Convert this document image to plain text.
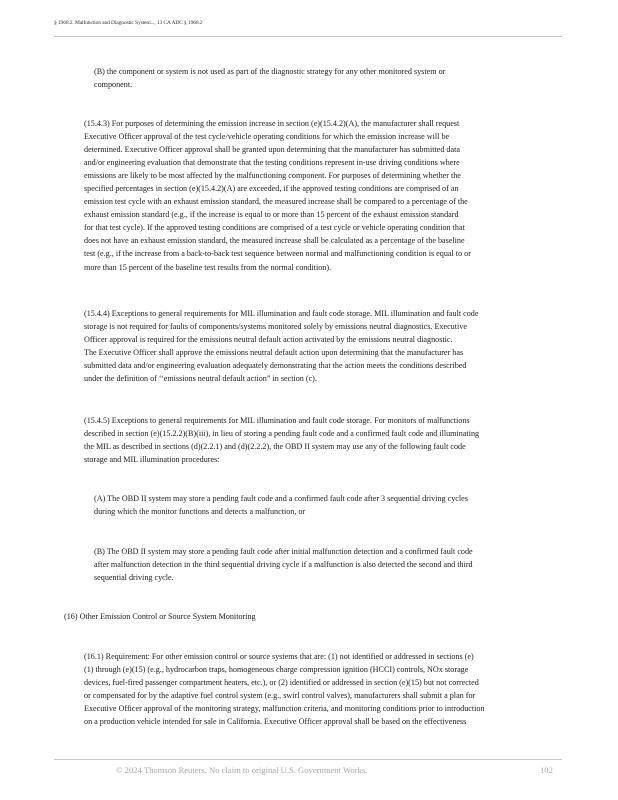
§ 1968.2. Malfunction and Diagnostic System..., 13 CA ADC § 1968.2

(B) the component or system is not used as part of the diagnostic strategy for any other monitored system or
component.

(15.4.3) For purposes of determining the emission increase in section (e)(15.4.2)(A), the manufacturer shall request
Executive Officer approval of the test cycle/vehicle operating conditions for which the emission increase will be
determined. Executive Officer approval shall be granted upon determining that the manufacturer has submitted data
and/or engineering evaluation that demonstrate that the testing conditions represent in-use driving conditions where
emissions are likely to be most affected by the malfunctioning component. For purposes of determining whether the
specified percentages in section (e)(15.4.2)(A) are exceeded, if the approved testing conditions are comprised of an
emission test cycle with an exhaust emission standard, the measured increase shall be compared to a percentage of the
exhaust emission standard (e.g., if the increase is equal to or more than 15 percent of the exhaust emission standard
for that test cycle). If the approved testing conditions are comprised of a test cycle or vehicle operating condition that
does not have an exhaust emission standard, the measured increase shall be calculated as a percentage of the baseline
test (e.g., if the increase from a back-to-back test sequence between normal and malfunctioning condition is equal to or
more than 15 percent of the baseline test results from the normal condition).

(15.4.4) Exceptions to general requirements for MIL illumination and fault code storage. MIL illumination and fault code
storage is not required for faults of components/systems monitored solely by emissions neutral diagnostics. Executive
Officer approval is required for the emissions neutral default action activated by the emissions neutral diagnostic.
The Executive Officer shall approve the emissions neutral default action upon determining that the manufacturer has
submitted data and/or engineering evaluation adequately demonstrating that the action meets the conditions described
under the definition of ‘‘emissions neutral default action” in section (c).

(15.4.5) Exceptions to general requirements for MIL illumination and fault code storage. For monitors of malfunctions
described in section (e)(15.2.2)(B)(iii), in lieu of storing a pending fault code and a confirmed fault code and illuminating
the MIL as described in sections (d)(2.2.1) and (d)(2.2.2), the OBD II system may use any of the following fault code
storage and MIL illumination procedures:

(A) The OBD II system may store a pending fault code and a confirmed fault code after 3 sequential driving cycles
during which the monitor functions and detects a malfunction, or

(B) The OBD II system may store a pending fault code after initial malfunction detection and a confirmed fault code
after malfunction detection in the third sequential driving cycle if a malfunction is also detected the second and third
sequential driving cycle.

(16) Other Emission Control or Source System Monitoring

(16.1) Requirement: For other emission control or source systems that are: (1) not identified or addressed in sections (e)
(1) through (e)(15) (e.g., hydrocarbon traps, homogeneous charge compression ignition (HCCI) controls, NOx storage
devices, fuel-fired passenger compartment heaters, etc.), or (2) identified or addressed in section (e)(15) but not corrected
or compensated for by the adaptive fuel control system (e.g., swirl control valves), manufacturers shall submit a plan for
Executive Officer approval of the monitoring strategy, malfunction criteria, and monitoring conditions prior to introduction
on a production vehicle intended for sale in California. Executive Officer approval shall be based on the effectiveness

© 2024 Thomson Reuters. No claim to original U.S. Government Works.	102
